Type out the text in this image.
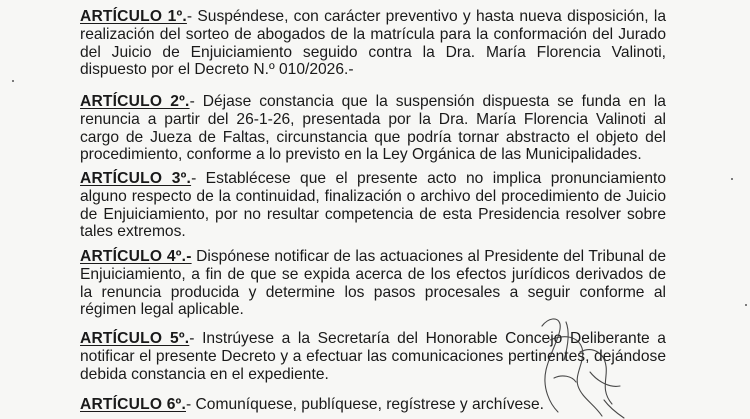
ARTÍCULO 1º.- Suspéndese, con carácter preventivo y hasta nueva disposición, la realización del sorteo de abogados de la matrícula para la conformación del Jurado del Juicio de Enjuiciamiento seguido contra la Dra. María Florencia Valinoti, dispuesto por el Decreto N.º 010/2026.-

ARTÍCULO 2º.- Déjase constancia que la suspensión dispuesta se funda en la renuncia a partir del 26-1-26, presentada por la Dra. María Florencia Valinoti al cargo de Jueza de Faltas, circunstancia que podría tornar abstracto el objeto del procedimiento, conforme a lo previsto en la Ley Orgánica de las Municipalidades.

ARTÍCULO 3º.- Establécese que el presente acto no implica pronunciamiento alguno respecto de la continuidad, finalización o archivo del procedimiento de Juicio de Enjuiciamiento, por no resultar competencia de esta Presidencia resolver sobre tales extremos.

ARTÍCULO 4º.- Dispónese notificar de las actuaciones al Presidente del Tribunal de Enjuiciamiento, a fin de que se expida acerca de los efectos jurídicos derivados de la renuncia producida y determine los pasos procesales a seguir conforme al régimen legal aplicable.

ARTÍCULO 5º.- Instrúyese a la Secretaría del Honorable Concejo Deliberante a notificar el presente Decreto y a efectuar las comunicaciones pertinentes, dejándose debida constancia en el expediente.

ARTÍCULO 6º.- Comuníquese, publíquese, regístrese y archívese.
